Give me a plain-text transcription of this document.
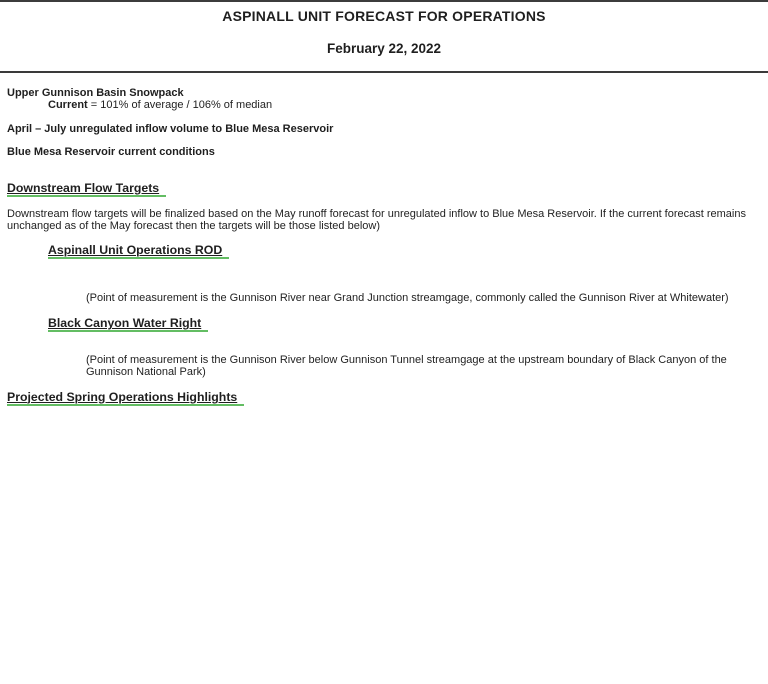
ASPINALL UNIT FORECAST FOR OPERATIONS
February 22, 2022
Upper Gunnison Basin Snowpack
Current = 101% of average / 106% of median
April – July unregulated inflow volume to Blue Mesa Reservoir
Blue Mesa Reservoir current conditions
Downstream Flow Targets
Downstream flow targets will be finalized based on the May runoff forecast for unregulated inflow to Blue Mesa Reservoir. If the current forecast remains unchanged as of the May forecast then the targets will be those listed below)
Aspinall Unit Operations ROD
(Point of measurement is the Gunnison River near Grand Junction streamgage, commonly called the Gunnison River at Whitewater)
Black Canyon Water Right
(Point of measurement is the Gunnison River below Gunnison Tunnel streamgage at the upstream boundary of Black Canyon of the Gunnison National Park)
Projected Spring Operations Highlights
